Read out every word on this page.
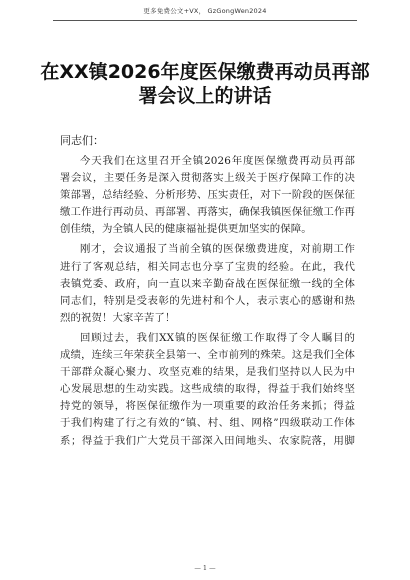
更多免费公文+VX， GzGongWen2024
在XX镇2026年度医保缴费再动员再部
署会议上的讲话
同志们：
今天我们在这里召开全镇2026年度医保缴费再动员再部
署会议，主要任务是深入贯彻落实上级关于医疗保障工作的决
策部署，总结经验、分析形势、压实责任，对下一阶段的医保征
缴工作进行再动员、再部署、再落实，确保我镇医保征缴工作再
创佳绩，为全镇人民的健康福祉提供更加坚实的保障。
刚才，会议通报了当前全镇的医保缴费进度，对前期工作
进行了客观总结，相关同志也分享了宝贵的经验。在此，我代
表镇党委、政府，向一直以来辛勤奋战在医保征缴一线的全体
同志们，特别是受表彰的先进村和个人，表示衷心的感谢和热
烈的祝贺！大家辛苦了！
回顾过去，我们XX镇的医保征缴工作取得了令人瞩目的
成绩，连续三年荣获全县第一、全市前列的殊荣。这是我们全体
干部群众凝心聚力、攻坚克难的结果，是我们坚持以人民为中
心发展思想的生动实践。这些成绩的取得，得益于我们始终坚
持党的领导，将医保征缴作为一项重要的政治任务来抓；得益
于我们构建了行之有效的“镇、村、组、网格”四级联动工作体
系；得益于我们广大党员干部深入田间地头、农家院落，用脚
— 1 —
